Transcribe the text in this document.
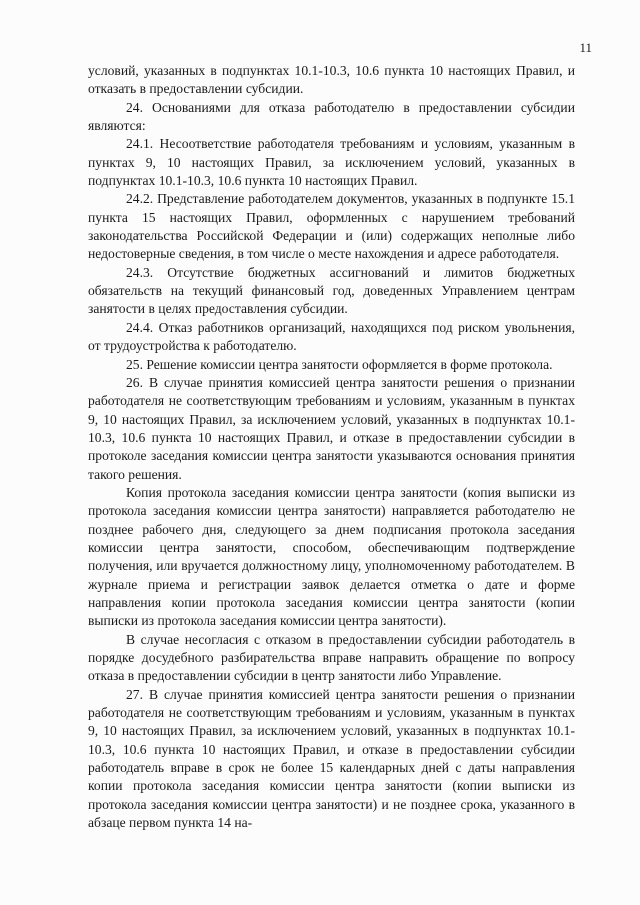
11

условий, указанных в подпунктах 10.1-10.3, 10.6 пункта 10 настоящих Правил, и отказать в предоставлении субсидии.

24. Основаниями для отказа работодателю в предоставлении субсидии являются:

24.1. Несоответствие работодателя требованиям и условиям, указанным в пунктах 9, 10 настоящих Правил, за исключением условий, указанных в подпунктах 10.1-10.3, 10.6 пункта 10 настоящих Правил.

24.2. Представление работодателем документов, указанных в подпункте 15.1 пункта 15 настоящих Правил, оформленных с нарушением требований законодательства Российской Федерации и (или) содержащих неполные либо недостоверные сведения, в том числе о месте нахождения и адресе работодателя.

24.3. Отсутствие бюджетных ассигнований и лимитов бюджетных обязательств на текущий финансовый год, доведенных Управлением центрам занятости в целях предоставления субсидии.

24.4. Отказ работников организаций, находящихся под риском увольнения, от трудоустройства к работодателю.

25. Решение комиссии центра занятости оформляется в форме протокола.

26. В случае принятия комиссией центра занятости решения о признании работодателя не соответствующим требованиям и условиям, указанным в пунктах 9, 10 настоящих Правил, за исключением условий, указанных в подпунктах 10.1-10.3, 10.6 пункта 10 настоящих Правил, и отказе в предоставлении субсидии в протоколе заседания комиссии центра занятости указываются основания принятия такого решения.

Копия протокола заседания комиссии центра занятости (копия выписки из протокола заседания комиссии центра занятости) направляется работодателю не позднее рабочего дня, следующего за днем подписания протокола заседания комиссии центра занятости, способом, обеспечивающим подтверждение получения, или вручается должностному лицу, уполномоченному работодателем. В журнале приема и регистрации заявок делается отметка о дате и форме направления копии протокола заседания комиссии центра занятости (копии выписки из протокола заседания комиссии центра занятости).

В случае несогласия с отказом в предоставлении субсидии работодатель в порядке досудебного разбирательства вправе направить обращение по вопросу отказа в предоставлении субсидии в центр занятости либо Управление.

27. В случае принятия комиссией центра занятости решения о признании работодателя не соответствующим требованиям и условиям, указанным в пунктах 9, 10 настоящих Правил, за исключением условий, указанных в подпунктах 10.1-10.3, 10.6 пункта 10 настоящих Правил, и отказе в предоставлении субсидии работодатель вправе в срок не более 15 календарных дней с даты направления копии протокола заседания комиссии центра занятости (копии выписки из протокола заседания комиссии центра занятости) и не позднее срока, указанного в абзаце первом пункта 14 на-
